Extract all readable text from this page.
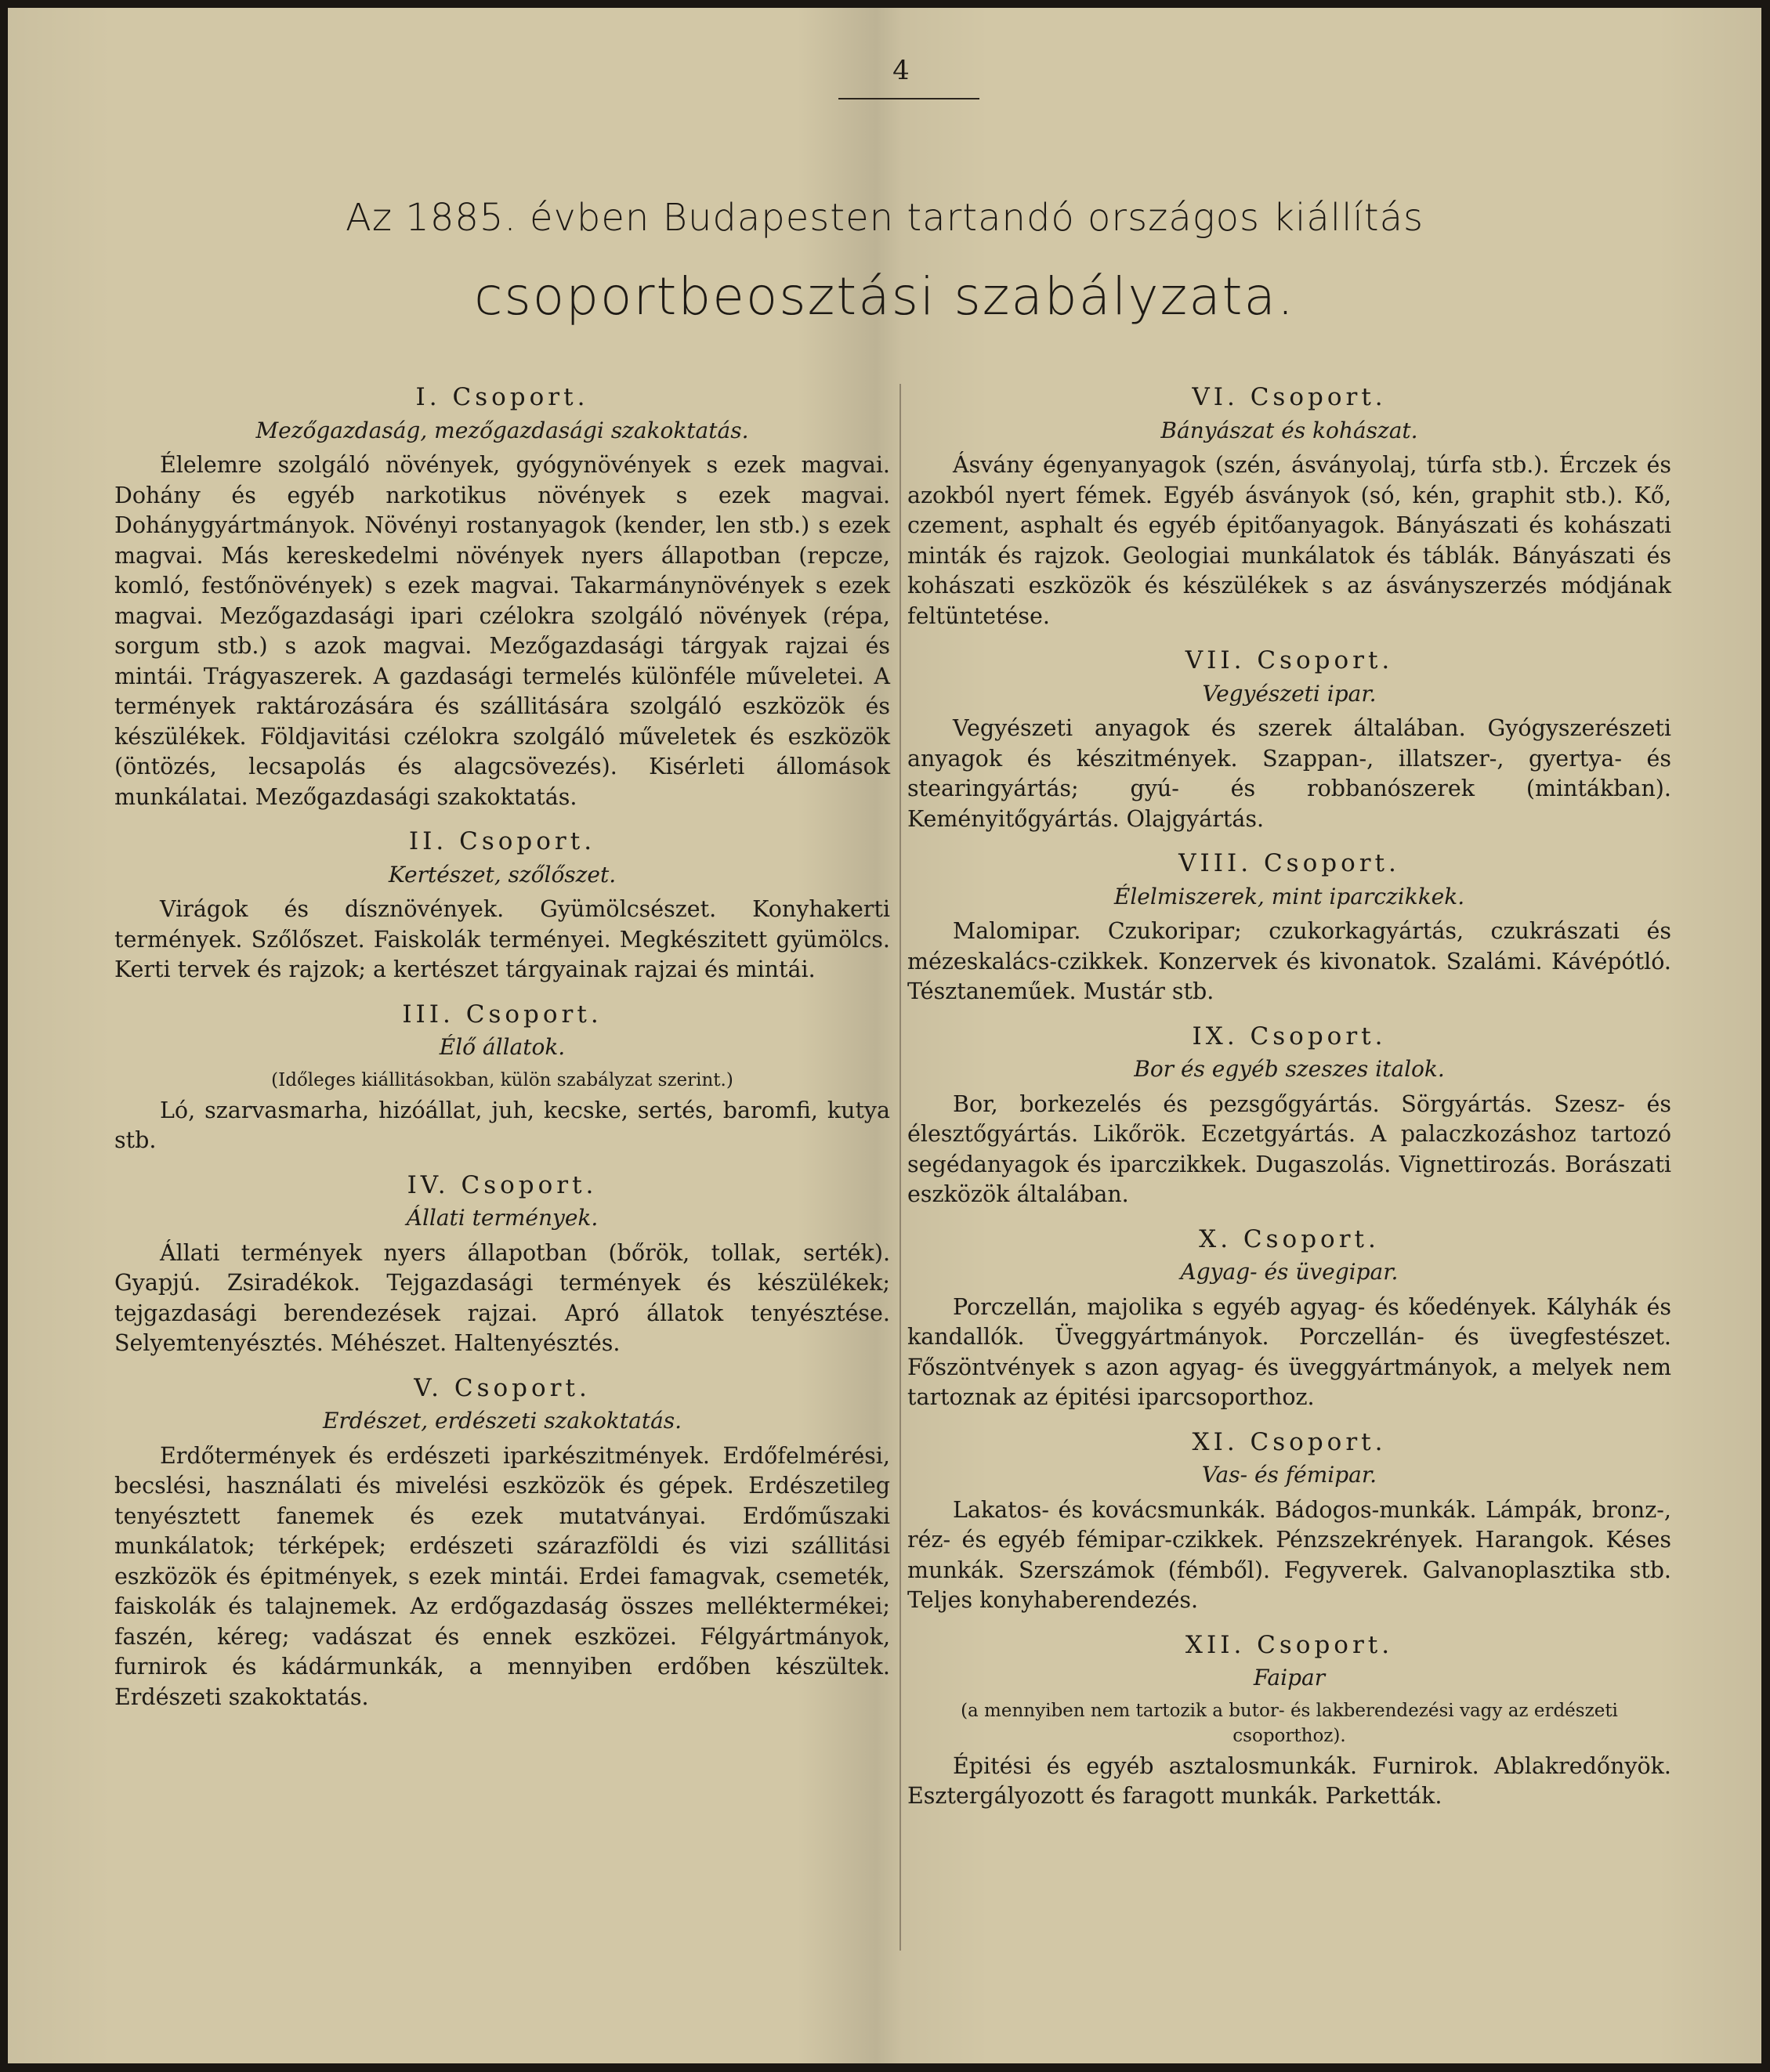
4
Az 1885. évben Budapesten tartandó országos kiállítás
csoportbeosztási szabályzata.
I. Csoport.
Mezőgazdaság, mezőgazdasági szakoktatás.
Élelemre szolgáló növények, gyógynövények s ezek magvai. Dohány és egyéb narkotikus növények s ezek magvai. Dohánygyártmányok. Növényi rostanyagok (kender, len stb.) s ezek magvai. Más kereskedelmi növények nyers állapotban (repcze, komló, festőnövények) s ezek magvai. Takarmánynövények s ezek magvai. Mezőgazdasági ipari czélokra szolgáló növények (répa, sorgum stb.) s azok magvai. Mezőgazdasági tárgyak rajzai és mintái. Trágyaszerek. A gazdasági termelés különféle műveletei. A termények raktározására és szállitására szolgáló eszközök és készülékek. Földjavitási czélokra szolgáló műveletek és eszközök (öntözés, lecsapolás és alagcsövezés). Kisérleti állomások munkálatai. Mezőgazdasági szakoktatás.
II. Csoport.
Kertészet, szőlőszet.
Virágok és dísznövények. Gyümölcsészet. Konyhakerti termények. Szőlőszet. Faiskolák terményei. Megkészitett gyümölcs. Kerti tervek és rajzok; a kertészet tárgyainak rajzai és mintái.
III. Csoport.
Élő állatok.
(Időleges kiállitásokban, külön szabályzat szerint.)
Ló, szarvasmarha, hizóállat, juh, kecske, sertés, baromfi, kutya stb.
IV. Csoport.
Állati termények.
Állati termények nyers állapotban (bőrök, tollak, serték). Gyapjú. Zsiradékok. Tejgazdasági termények és készülékek; tejgazdasági berendezések rajzai. Apró állatok tenyésztése. Selyemtenyésztés. Méhészet. Haltenyésztés.
V. Csoport.
Erdészet, erdészeti szakoktatás.
Erdőtermények és erdészeti iparkészitmények. Erdőfelmérési, becslési, használati és mivelési eszközök és gépek. Erdészetileg tenyésztett fanemek és ezek mutatványai. Erdőműszaki munkálatok; térképek; erdészeti szárazföldi és vizi szállitási eszközök és épitmények, s ezek mintái. Erdei famagvak, csemeték, faiskolák és talajnemek. Az erdőgazdaság összes melléktermékei; faszén, kéreg; vadászat és ennek eszközei. Félgyártmányok, furnirok és kádármunkák, a mennyiben erdőben készültek. Erdészeti szakoktatás.
VI. Csoport.
Bányászat és kohászat.
Ásvány égenyanyagok (szén, ásványolaj, túrfa stb.). Érczek és azokból nyert fémek. Egyéb ásványok (só, kén, graphit stb.). Kő, czement, asphalt és egyéb épitőanyagok. Bányászati és kohászati minták és rajzok. Geologiai munkálatok és táblák. Bányászati és kohászati eszközök és készülékek s az ásványszerzés módjának feltüntetése.
VII. Csoport.
Vegyészeti ipar.
Vegyészeti anyagok és szerek általában. Gyógyszerészeti anyagok és készitmények. Szappan-, illatszer-, gyertya- és stearingyártás; gyú- és robbanószerek (mintákban). Keményitőgyártás. Olajgyártás.
VIII. Csoport.
Élelmiszerek, mint iparczikkek.
Malomipar. Czukoripar; czukorkagyártás, czukrászati és mézeskalács-czikkek. Konzervek és kivonatok. Szalámi. Kávépótló. Tésztaneműek. Mustár stb.
IX. Csoport.
Bor és egyéb szeszes italok.
Bor, borkezelés és pezsgőgyártás. Sörgyártás. Szesz- és élesztőgyártás. Likőrök. Eczetgyártás. A palaczkozáshoz tartozó segédanyagok és iparczikkek. Dugaszolás. Vignettirozás. Borászati eszközök általában.
X. Csoport.
Agyag- és üvegipar.
Porczellán, majolika s egyéb agyag- és kőedények. Kályhák és kandallók. Üveggyártmányok. Porczellán- és üvegfestészet. Főszöntvények s azon agyag- és üveggyártmányok, a melyek nem tartoznak az épitési iparcsoporthoz.
XI. Csoport.
Vas- és fémipar.
Lakatos- és kovácsmunkák. Bádogos-munkák. Lámpák, bronz-, réz- és egyéb fémipar-czikkek. Pénzszekrények. Harangok. Késes munkák. Szerszámok (fémből). Fegyverek. Galvanoplasztika stb. Teljes konyhaberendezés.
XII. Csoport.
Faipar
(a mennyiben nem tartozik a butor- és lakberendezési vagy az erdészeti csoporthoz).
Épitési és egyéb asztalosmunkák. Furnirok. Ablakredőnyök. Esztergályozott és faragott munkák. Parketták.
